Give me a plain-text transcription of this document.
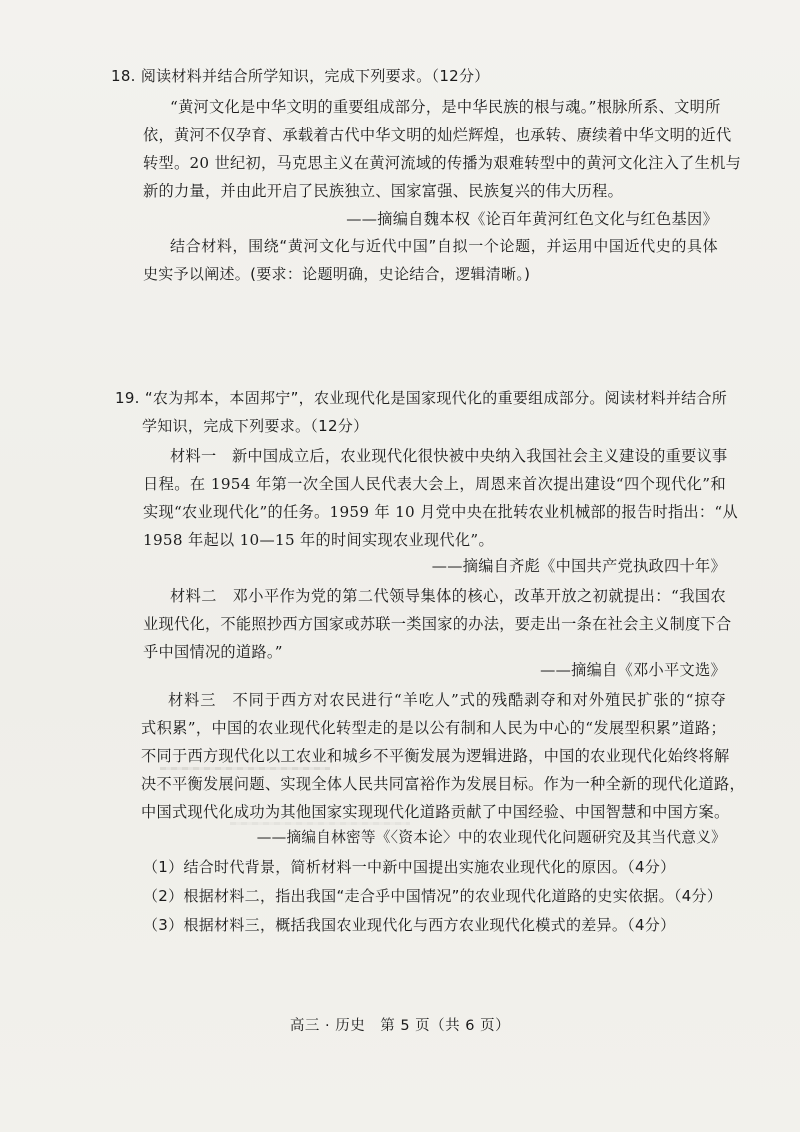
18. 阅读材料并结合所学知识，完成下列要求。（12分）
“黄河文化是中华文明的重要组成部分，是中华民族的根与魂。”根脉所系、文明所
依，黄河不仅孕育、承载着古代中华文明的灿烂辉煌，也承转、赓续着中华文明的近代
转型。20 世纪初，马克思主义在黄河流域的传播为艰难转型中的黄河文化注入了生机与
新的力量，并由此开启了民族独立、国家富强、民族复兴的伟大历程。
——摘编自魏本权《论百年黄河红色文化与红色基因》
结合材料，围绕“黄河文化与近代中国”自拟一个论题，并运用中国近代史的具体
史实予以阐述。(要求：论题明确，史论结合，逻辑清晰。)
19. “农为邦本，本固邦宁”，农业现代化是国家现代化的重要组成部分。阅读材料并结合所
学知识，完成下列要求。（12分）
材料一　新中国成立后，农业现代化很快被中央纳入我国社会主义建设的重要议事
日程。在 1954 年第一次全国人民代表大会上，周恩来首次提出建设“四个现代化”和
实现“农业现代化”的任务。1959 年 10 月党中央在批转农业机械部的报告时指出：“从
1958 年起以 10—15 年的时间实现农业现代化”。
——摘编自齐彪《中国共产党执政四十年》
材料二　邓小平作为党的第二代领导集体的核心，改革开放之初就提出：“我国农
业现代化，不能照抄西方国家或苏联一类国家的办法，要走出一条在社会主义制度下合
乎中国情况的道路。”
——摘编自《邓小平文选》
材料三　不同于西方对农民进行“羊吃人”式的残酷剥夺和对外殖民扩张的“掠夺
式积累”，中国的农业现代化转型走的是以公有制和人民为中心的“发展型积累”道路；
不同于西方现代化以工农业和城乡不平衡发展为逻辑进路，中国的农业现代化始终将解
决不平衡发展问题、实现全体人民共同富裕作为发展目标。作为一种全新的现代化道路，
中国式现代化成功为其他国家实现现代化道路贡献了中国经验、中国智慧和中国方案。
——摘编自林密等《〈资本论〉中的农业现代化问题研究及其当代意义》
（1）结合时代背景，简析材料一中新中国提出实施农业现代化的原因。（4分）
（2）根据材料二，指出我国“走合乎中国情况”的农业现代化道路的史实依据。（4分）
（3）根据材料三，概括我国农业现代化与西方农业现代化模式的差异。（4分）
高三 · 历史　第 5 页（共 6 页）
